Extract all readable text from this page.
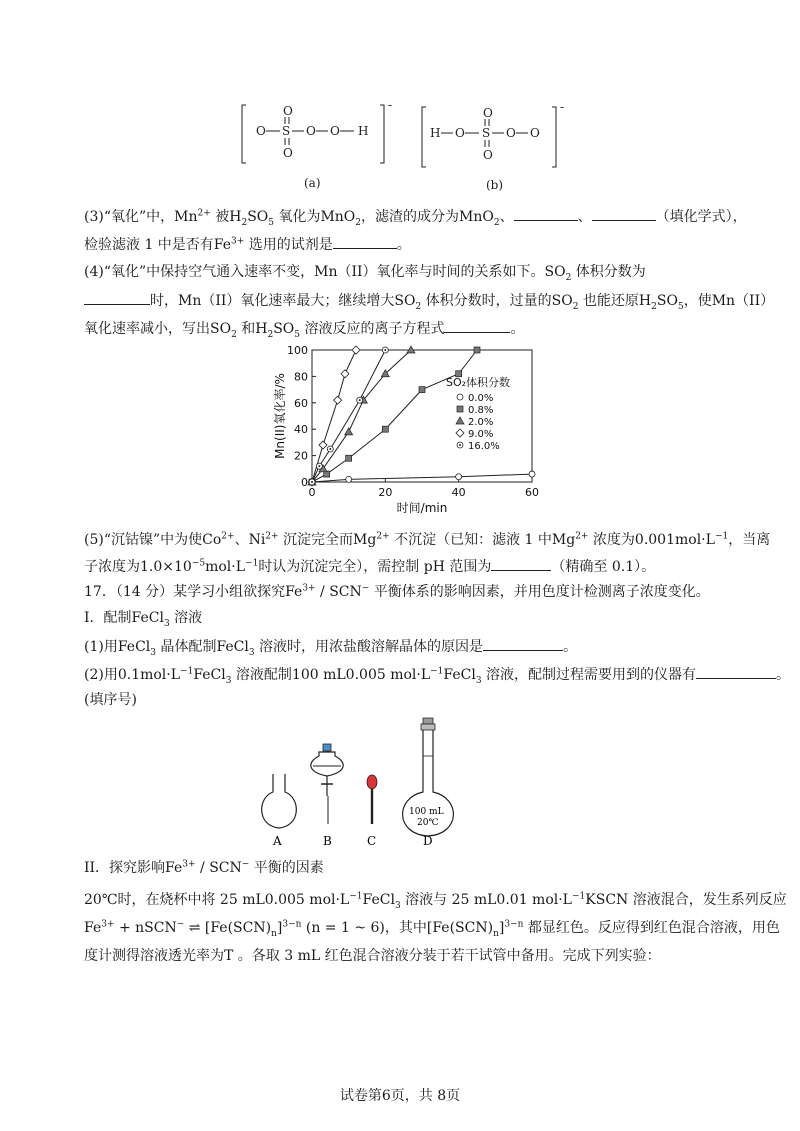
-
O S O O H
O
O
(a)
-
H O S O O
O
O
(b)
(3)“氧化”中，$Mn^{2+}$ 被$H_2SO_5$ 氧化为MnO$_2$，滤渣的成分为MnO$_2$、	、	（填化学式），
检验滤液 1 中是否有$Fe^{3+}$ 选用的试剂是	。
(4)“氧化”中保持空气通入速率不变，Mn（II）氧化率与时间的关系如下。$SO_2$ 体积分数为
时，Mn（II）氧化速率最大；继续增大$SO_2$ 体积分数时，过量的$SO_2$ 也能还原$H_2SO_5$，使Mn（II）
氧化速率减小，写出$SO_2$ 和$H_2SO_5$ 溶液反应的离子方程式	。
0
20
40
60
80
100
0	20	40	60
时间/min
Mn(II)氧化率/%	SO₂体积分数
0.0%
0.8%
2.0%
9.0%
16.0%
(5)“沉钴镍”中为使$Co^{2+}$、$Ni^{2+}$ 沉淀完全而$Mg^{2+}$ 不沉淀（已知：滤液 1 中$Mg^{2+}$ 浓度为$0.001mol\cdot L^{-1}$，当离
子浓度为$1.0\times 10^{-5}mol\cdot L^{-1}$时认为沉淀完全），需控制 pH 范围为	（精确至 0.1）。
17．（14 分）某学习小组欲探究$Fe^{3+} / SCN^-$ 平衡体系的影响因素，并用色度计检测离子浓度变化。
I．配制FeCl$_3$ 溶液
(1)用FeCl$_3$ 晶体配制FeCl$_3$ 溶液时，用浓盐酸溶解晶体的原因是	。
(2)用$0.1mol\cdot L^{-1}FeCl_3$ 溶液配制100 mL0.005 $mol\cdot L^{-1}FeCl_3$ 溶液，配制过程需要用到的仪器有	。
(填序号)
A	B	C
100 mL
20℃
D
II．探究影响$Fe^{3+} / SCN^-$ 平衡的因素
20℃时，在烧杯中将 25 mL0.005 $mol\cdot L^{-1}FeCl_3$ 溶液与 25 mL0.01 $mol\cdot L^{-1}KSCN$ 溶液混合，发生系列反应
$Fe^{3+}$ + nSCN− ⇌ $[Fe(SCN)_n]^{3-n}$ (n = 1 ~ 6)，其中$[Fe(SCN)_n]^{3-n}$ 都显红色。反应得到红色混合溶液，用色
度计测得溶液透光率为T 。各取 3 mL 红色混合溶液分装于若干试管中备用。完成下列实验：
试卷第6页，共 8页
